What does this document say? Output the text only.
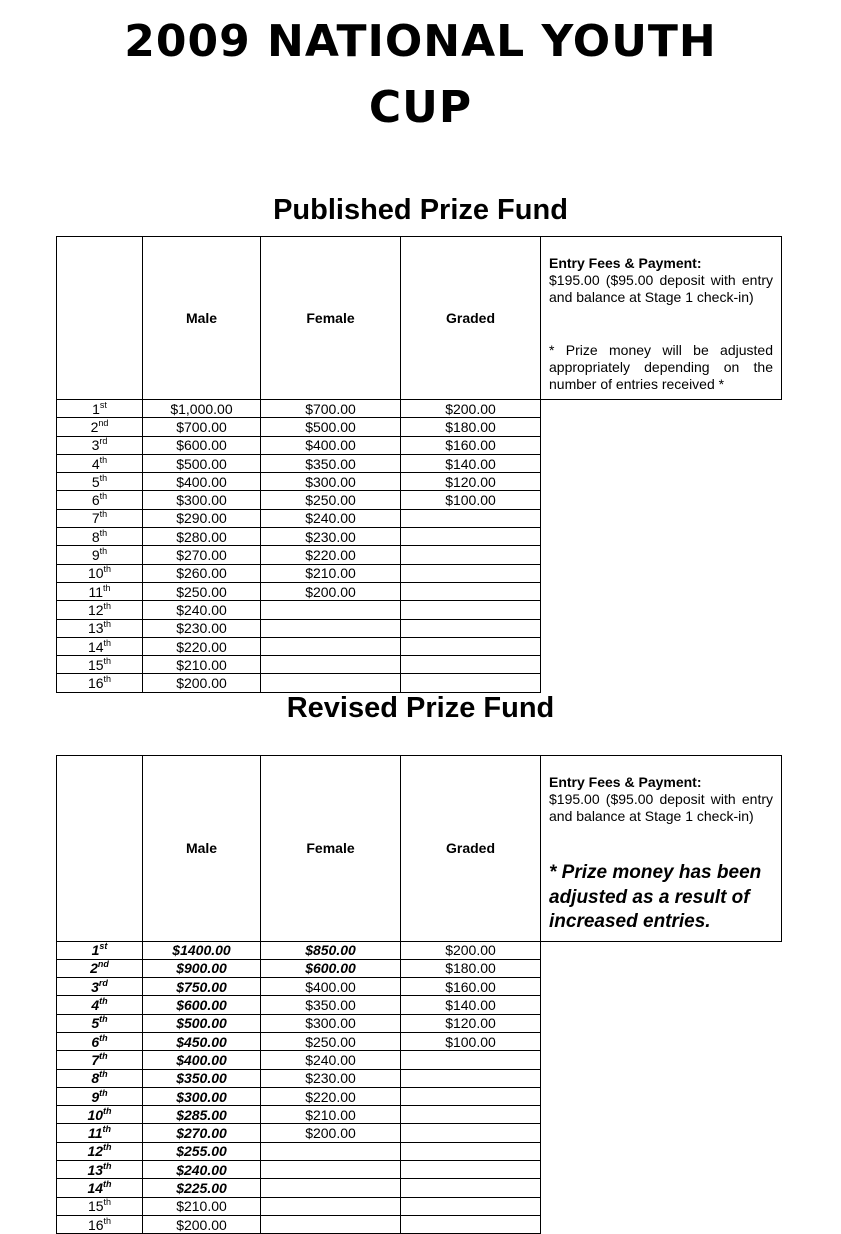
2009 NATIONAL YOUTH
CUP
Published Prize Fund
	Male	Female	Graded	Entry Fees & Payment:
$195.00 ($95.00 deposit with entry and balance at Stage 1 check-in)
* Prize money will be adjusted appropriately depending on the number of entries received *

1st	$1,000.00	$700.00	$200.00	
2nd	$700.00	$500.00	$180.00	
3rd	$600.00	$400.00	$160.00	
4th	$500.00	$350.00	$140.00	
5th	$400.00	$300.00	$120.00	
6th	$300.00	$250.00	$100.00	
7th	$290.00	$240.00		
8th	$280.00	$230.00		
9th	$270.00	$220.00		
10th	$260.00	$210.00		
11th	$250.00	$200.00		
12th	$240.00			
13th	$230.00			
14th	$220.00			
15th	$210.00			
16th	$200.00			
Revised Prize Fund
	Male	Female	Graded	Entry Fees & Payment:
$195.00 ($95.00 deposit with entry and balance at Stage 1 check-in)
* Prize money has been adjusted as a result of increased entries.

1st	$1400.00	$850.00	$200.00	
2nd	$900.00	$600.00	$180.00	
3rd	$750.00	$400.00	$160.00	
4th	$600.00	$350.00	$140.00	
5th	$500.00	$300.00	$120.00	
6th	$450.00	$250.00	$100.00	
7th	$400.00	$240.00		
8th	$350.00	$230.00		
9th	$300.00	$220.00		
10th	$285.00	$210.00		
11th	$270.00	$200.00		
12th	$255.00			
13th	$240.00			
14th	$225.00			
15th	$210.00			
16th	$200.00			
